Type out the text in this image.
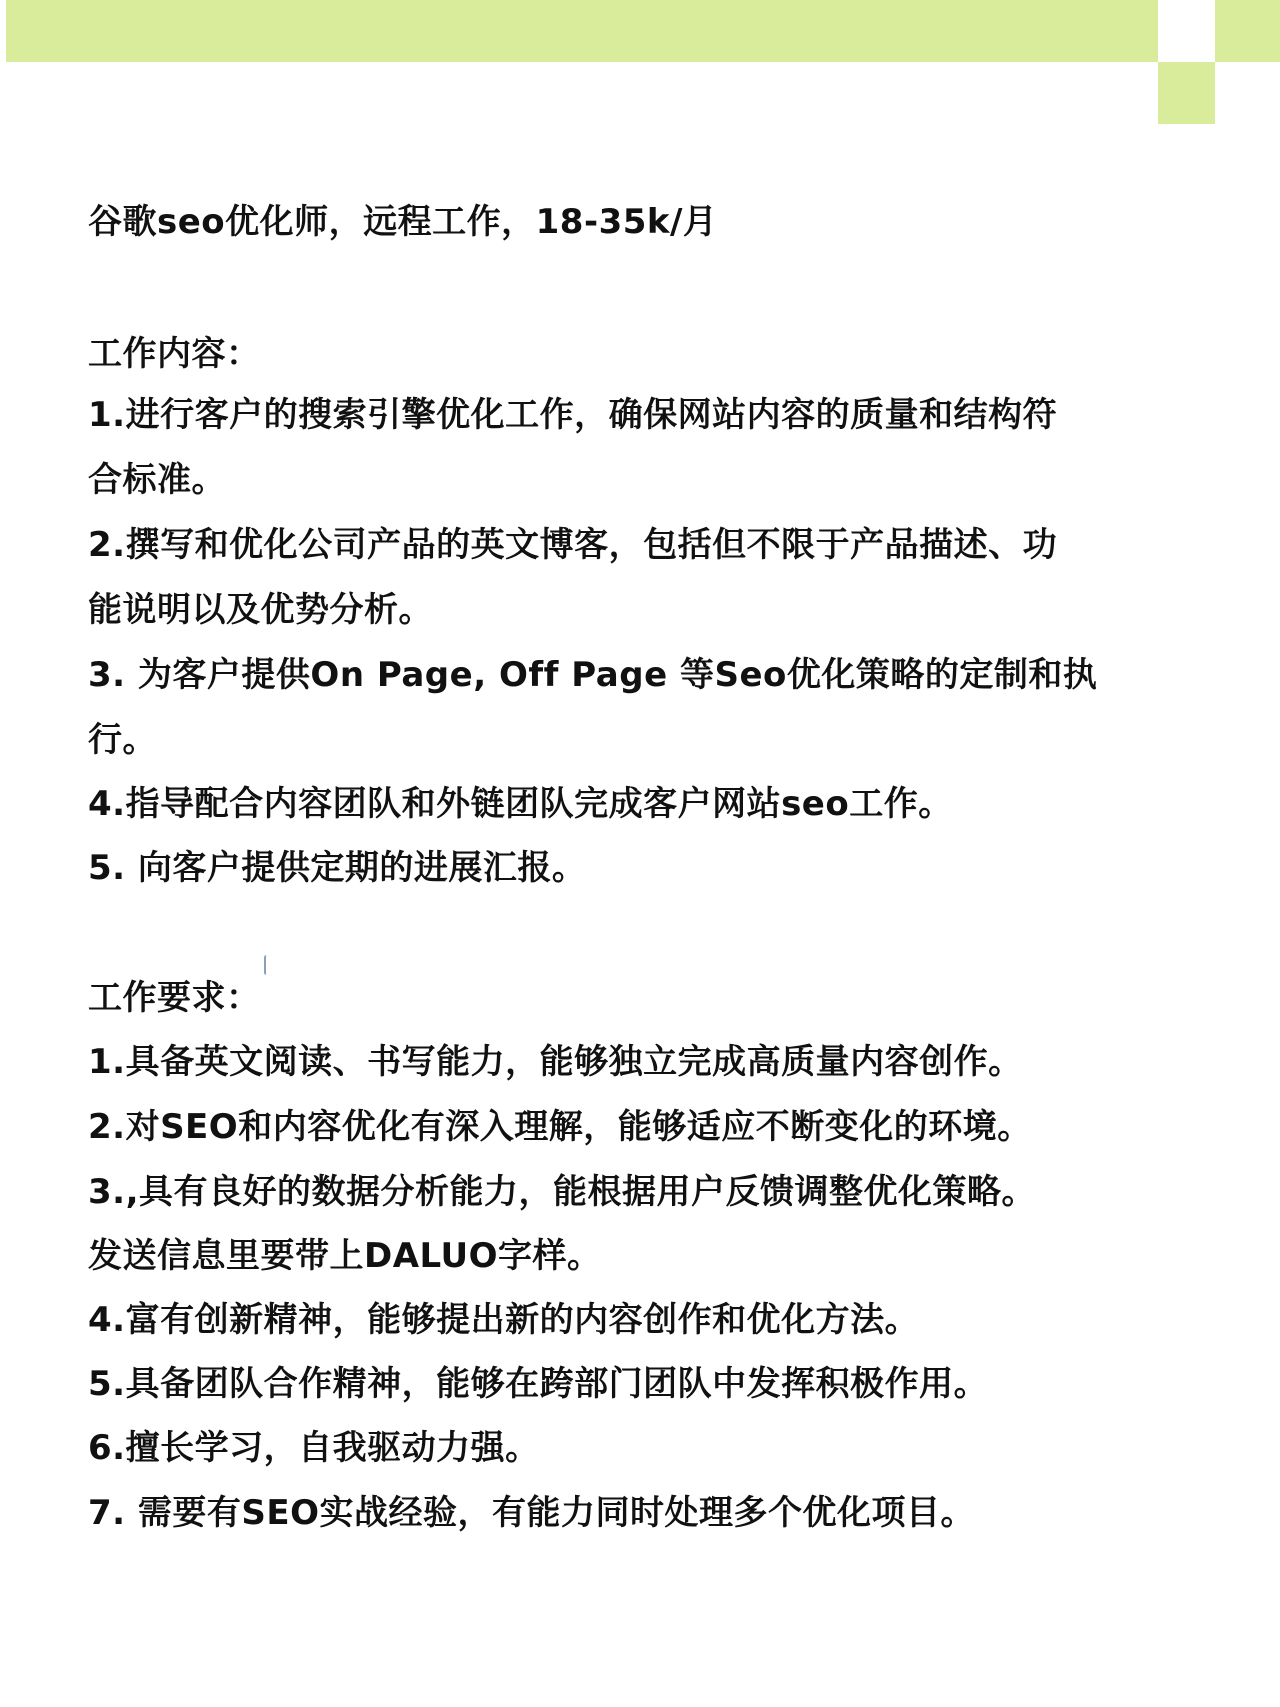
谷歌seo优化师，远程工作，18-35k/月
工作内容：
1.进行客户的搜索引擎优化工作，确保网站内容的质量和结构符
合标准。
2.撰写和优化公司产品的英文博客，包括但不限于产品描述、功
能说明以及优势分析。
3. 为客户提供On Page, Off Page 等Seo优化策略的定制和执
行。
4.指导配合内容团队和外链团队完成客户网站seo工作。
5. 向客户提供定期的进展汇报。
工作要求：
1.具备英文阅读、书写能力，能够独立完成高质量内容创作。
2.对SEO和内容优化有深入理解，能够适应不断变化的环境。
3.,具有良好的数据分析能力，能根据用户反馈调整优化策略。
发送信息里要带上DALUO字样。
4.富有创新精神，能够提出新的内容创作和优化方法。
5.具备团队合作精神，能够在跨部门团队中发挥积极作用。
6.擅长学习，自我驱动力强。
7. 需要有SEO实战经验，有能力同时处理多个优化项目。
